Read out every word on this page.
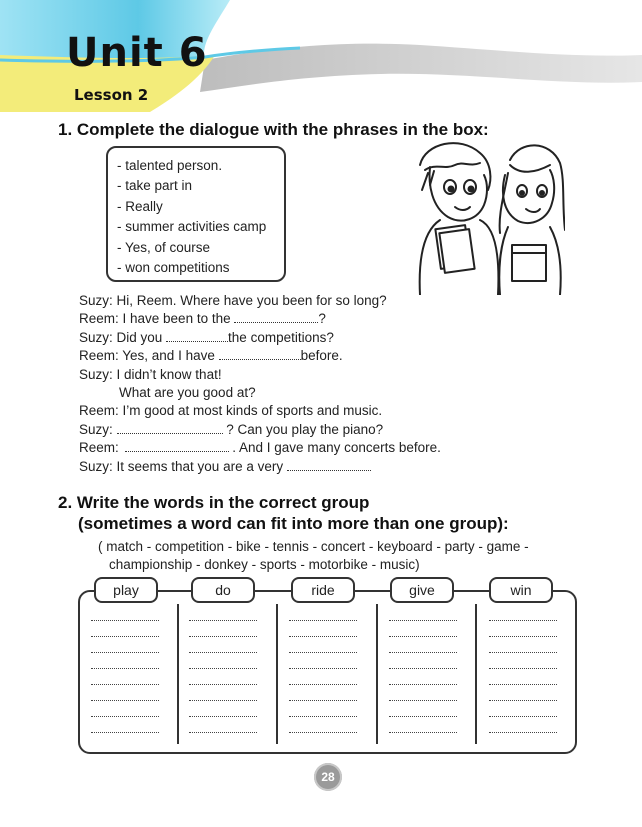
Unit 6
Lesson 2
1. Complete the dialogue with the phrases in the box:
- talented person.
- take part in
- Really
- summer activities camp
- Yes, of course
- won competitions
Suzy: Hi, Reem. Where have you been for so long?
Reem: I have been to the	?
Suzy: Did you	the competitions?
Reem: Yes, and I have	before.
Suzy: I didn’t know that!
What are you good at?
Reem: I’m good at most kinds of sports and music.
Suzy:	? Can you play the piano?
Reem:	. And I gave many concerts before.
Suzy: It seems that you are a very
2. Write the words in the correct group
(sometimes a word can fit into more than one group):
( match - competition - bike - tennis - concert - keyboard - party - game -
championship - donkey - sports - motorbike - music)
play	do	ride	give	win
28
